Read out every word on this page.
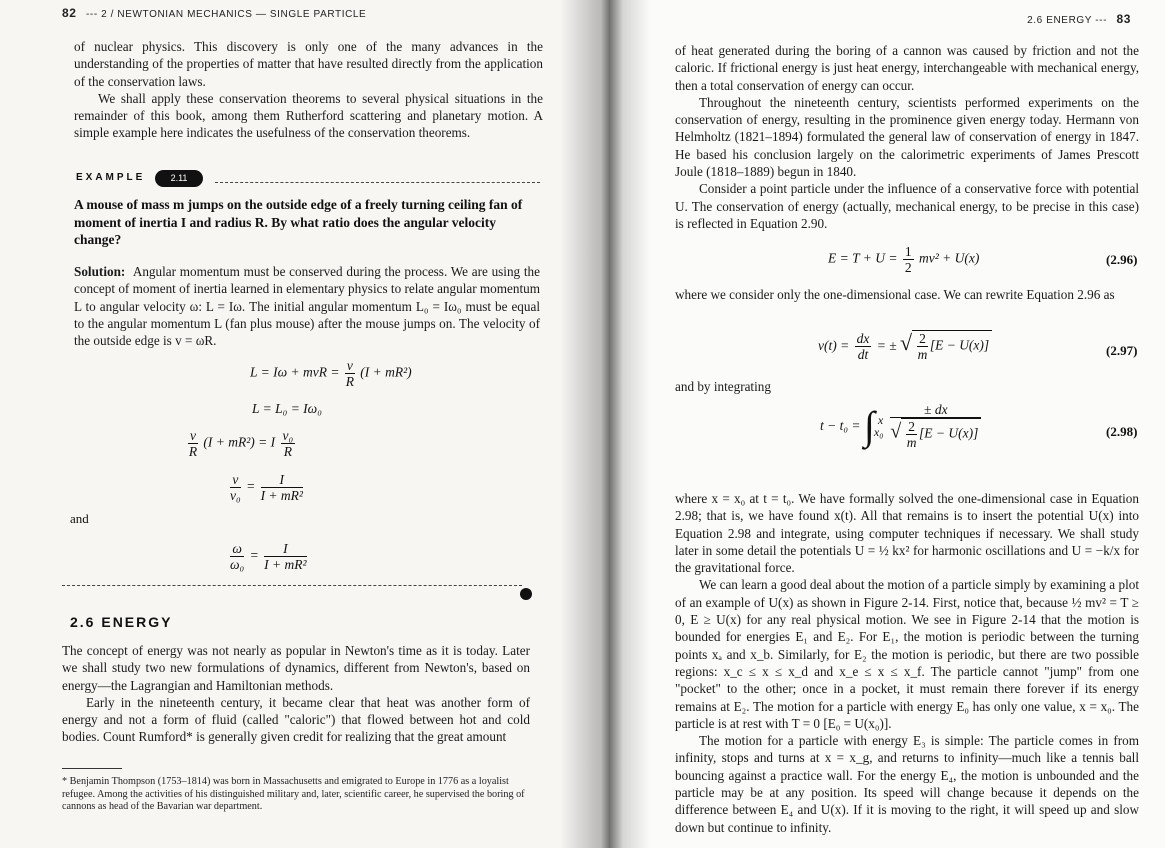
82 --- 2 / NEWTONIAN MECHANICS — SINGLE PARTICLE

of nuclear physics. This discovery is only one of the many advances in the understanding of the properties of matter that have resulted directly from the application of the conservation laws.

We shall apply these conservation theorems to several physical situations in the remainder of this book, among them Rutherford scattering and planetary motion. A simple example here indicates the usefulness of the conservation theorems.

EXAMPLE	2.11
A mouse of mass m jumps on the outside edge of a freely turning ceiling fan of moment of inertia I and radius R. By what ratio does the angular velocity change?

Solution: Angular momentum must be conserved during the process. We are using the concept of moment of inertia learned in elementary physics to relate angular momentum L to angular velocity ω: L = Iω. The initial angular momentum L₀ = Iω₀ must be equal to the angular momentum L (fan plus mouse) after the mouse jumps on. The velocity of the outside edge is v = ωR.

L = Iω + mvR = $\frac{v}{R} (I + mR^2)$
L = L₀ = Iω₀
$\frac{v}{R} (I + mR^2) = I \frac{\text{v₀}}{R}$
$\frac{v}{\text{v₀}} = \frac{I}{\text{I + mR²}}$
and
$\frac{\omega}{\text{ω₀}} = \frac{I}{\text{I + mR²}}$
2.6 ENERGY

The concept of energy was not nearly as popular in Newton's time as it is today. Later we shall study two new formulations of dynamics, different from Newton's, based on energy—the Lagrangian and Hamiltonian methods.

Early in the nineteenth century, it became clear that heat was another form of energy and not a form of fluid (called "caloric") that flowed between hot and cold bodies. Count Rumford* is generally given credit for realizing that the great amount

* Benjamin Thompson (1753–1814) was born in Massachusetts and emigrated to Europe in 1776 as a loyalist refugee. Among the activities of his distinguished military and, later, scientific career, he supervised the boring of cannons as head of the Bavarian war department.
2.6 ENERGY --- 83

of heat generated during the boring of a cannon was caused by friction and not the caloric. If frictional energy is just heat energy, interchangeable with mechanical energy, then a total conservation of energy can occur.

Throughout the nineteenth century, scientists performed experiments on the conservation of energy, resulting in the prominence given energy today. Hermann von Helmholtz (1821–1894) formulated the general law of conservation of energy in 1847. He based his conclusion largely on the calorimetric experiments of James Prescott Joule (1818–1889) begun in 1840.

Consider a point particle under the influence of a conservative force with potential U. The conservation of energy (actually, mechanical energy, to be precise in this case) is reflected in Equation 2.90.

$E = T + U = \frac{1}{2} mv^2 + U(x)$	(2.96)
where we consider only the one-dimensional case. We can rewrite Equation 2.96 as
$v(t) = \frac{dx}{dt}$ = ± √ $\frac{2}{m} [E - U(x)]$	(2.97)
and by integrating
t − t₀ = ∫ x
x₀
$\frac{\pm dx}{√ \frac{2}{m} [E - U(x)]}$	(2.98)

where x = x₀ at t = t₀. We have formally solved the one-dimensional case in Equation 2.98; that is, we have found x(t). All that remains is to insert the potential U(x) into Equation 2.98 and integrate, using computer techniques if necessary. We shall study later in some detail the potentials U = ½ kx² for harmonic oscillations and U = −k/x for the gravitational force.

We can learn a good deal about the motion of a particle simply by examining a plot of an example of U(x) as shown in Figure 2-14. First, notice that, because ½ mv² = T ≥ 0, E ≥ U(x) for any real physical motion. We see in Figure 2-14 that the motion is bounded for energies E₁ and E₂. For E₁, the motion is periodic between the turning points xₐ and x_b. Similarly, for E₂ the motion is periodic, but there are two possible regions: x_c ≤ x ≤ x_d and x_e ≤ x ≤ x_f. The particle cannot "jump" from one "pocket" to the other; once in a pocket, it must remain there forever if its energy remains at E₂. The motion for a particle with energy E₀ has only one value, x = x₀. The particle is at rest with T = 0 [E₀ = U(x₀)].

The motion for a particle with energy E₃ is simple: The particle comes in from infinity, stops and turns at x = x_g, and returns to infinity—much like a tennis ball bouncing against a practice wall. For the energy E₄, the motion is unbounded and the particle may be at any position. Its speed will change because it depends on the difference between E₄ and U(x). If it is moving to the right, it will speed up and slow down but continue to infinity.
